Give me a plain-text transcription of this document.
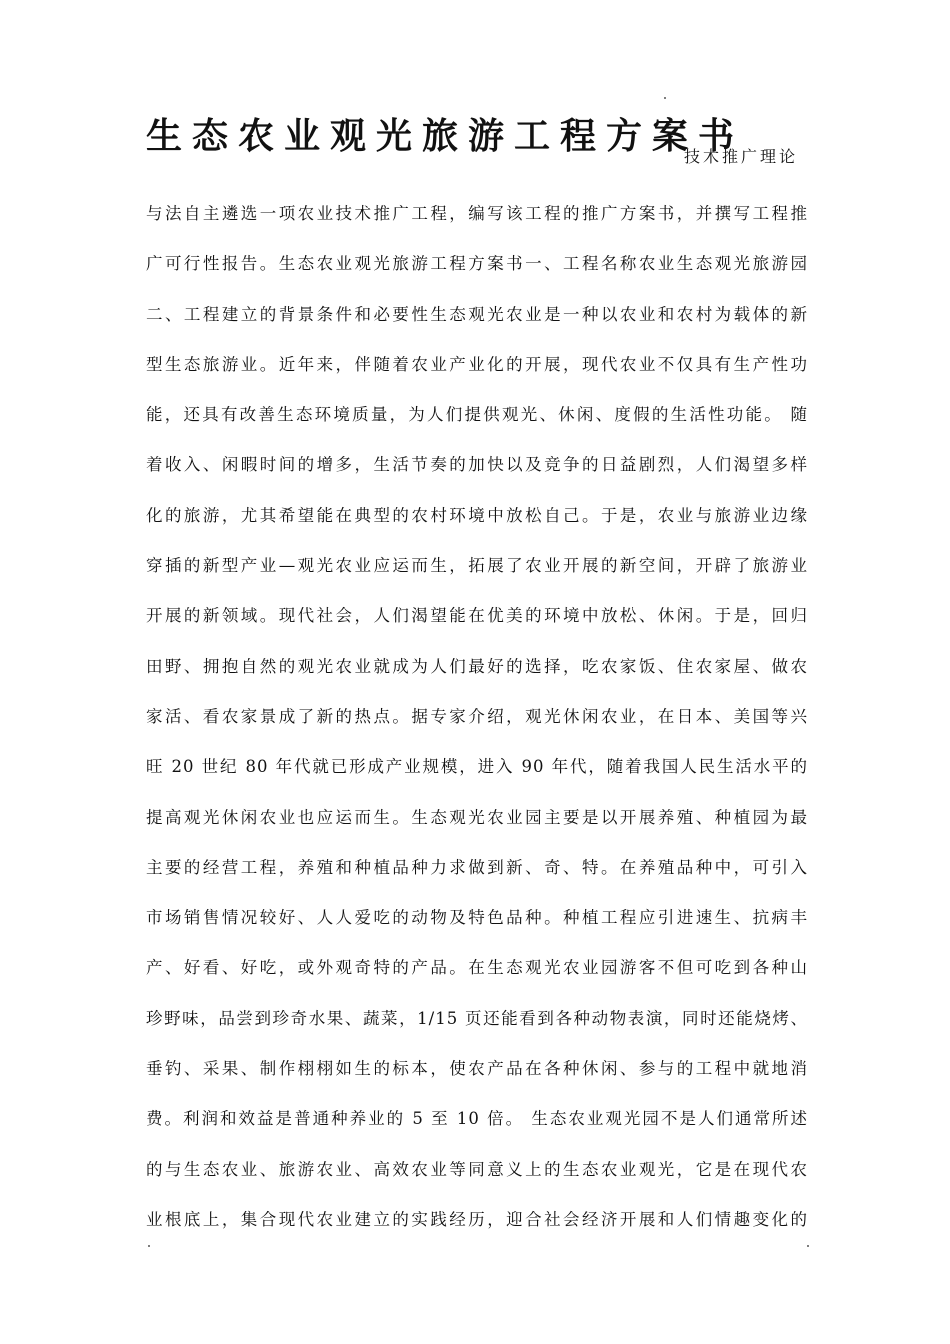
生态农业观光旅游工程方案书
技术推广理论
与法自主遴选一项农业技术推广工程，编写该工程的推广方案书，并撰写工程推
广可行性报告。生态农业观光旅游工程方案书一、工程名称农业生态观光旅游园
二、工程建立的背景条件和必要性生态观光农业是一种以农业和农村为载体的新
型生态旅游业。近年来，伴随着农业产业化的开展，现代农业不仅具有生产性功
能，还具有改善生态环境质量，为人们提供观光、休闲、度假的生活性功能。 随
着收入、闲暇时间的增多，生活节奏的加快以及竞争的日益剧烈，人们渴望多样
化的旅游，尤其希望能在典型的农村环境中放松自己。于是，农业与旅游业边缘
穿插的新型产业—观光农业应运而生，拓展了农业开展的新空间，开辟了旅游业
开展的新领域。现代社会，人们渴望能在优美的环境中放松、休闲。于是，回归
田野、拥抱自然的观光农业就成为人们最好的选择，吃农家饭、住农家屋、做农
家活、看农家景成了新的热点。据专家介绍，观光休闲农业，在日本、美国等兴
旺 20 世纪 80 年代就已形成产业规模，进入 90 年代，随着我国人民生活水平的
提高观光休闲农业也应运而生。生态观光农业园主要是以开展养殖、种植园为最
主要的经营工程，养殖和种植品种力求做到新、奇、特。在养殖品种中，可引入
市场销售情况较好、人人爱吃的动物及特色品种。种植工程应引进速生、抗病丰
产、好看、好吃，或外观奇特的产品。在生态观光农业园游客不但可吃到各种山
珍野味，品尝到珍奇水果、蔬菜，1/15 页还能看到各种动物表演，同时还能烧烤、
垂钓、采果、制作栩栩如生的标本，使农产品在各种休闲、参与的工程中就地消
费。利润和效益是普通种养业的 5 至 10 倍。 生态农业观光园不是人们通常所述
的与生态农业、旅游农业、高效农业等同意义上的生态农业观光，它是在现代农
业根底上，集合现代农业建立的实践经历，迎合社会经济开展和人们情趣变化的
